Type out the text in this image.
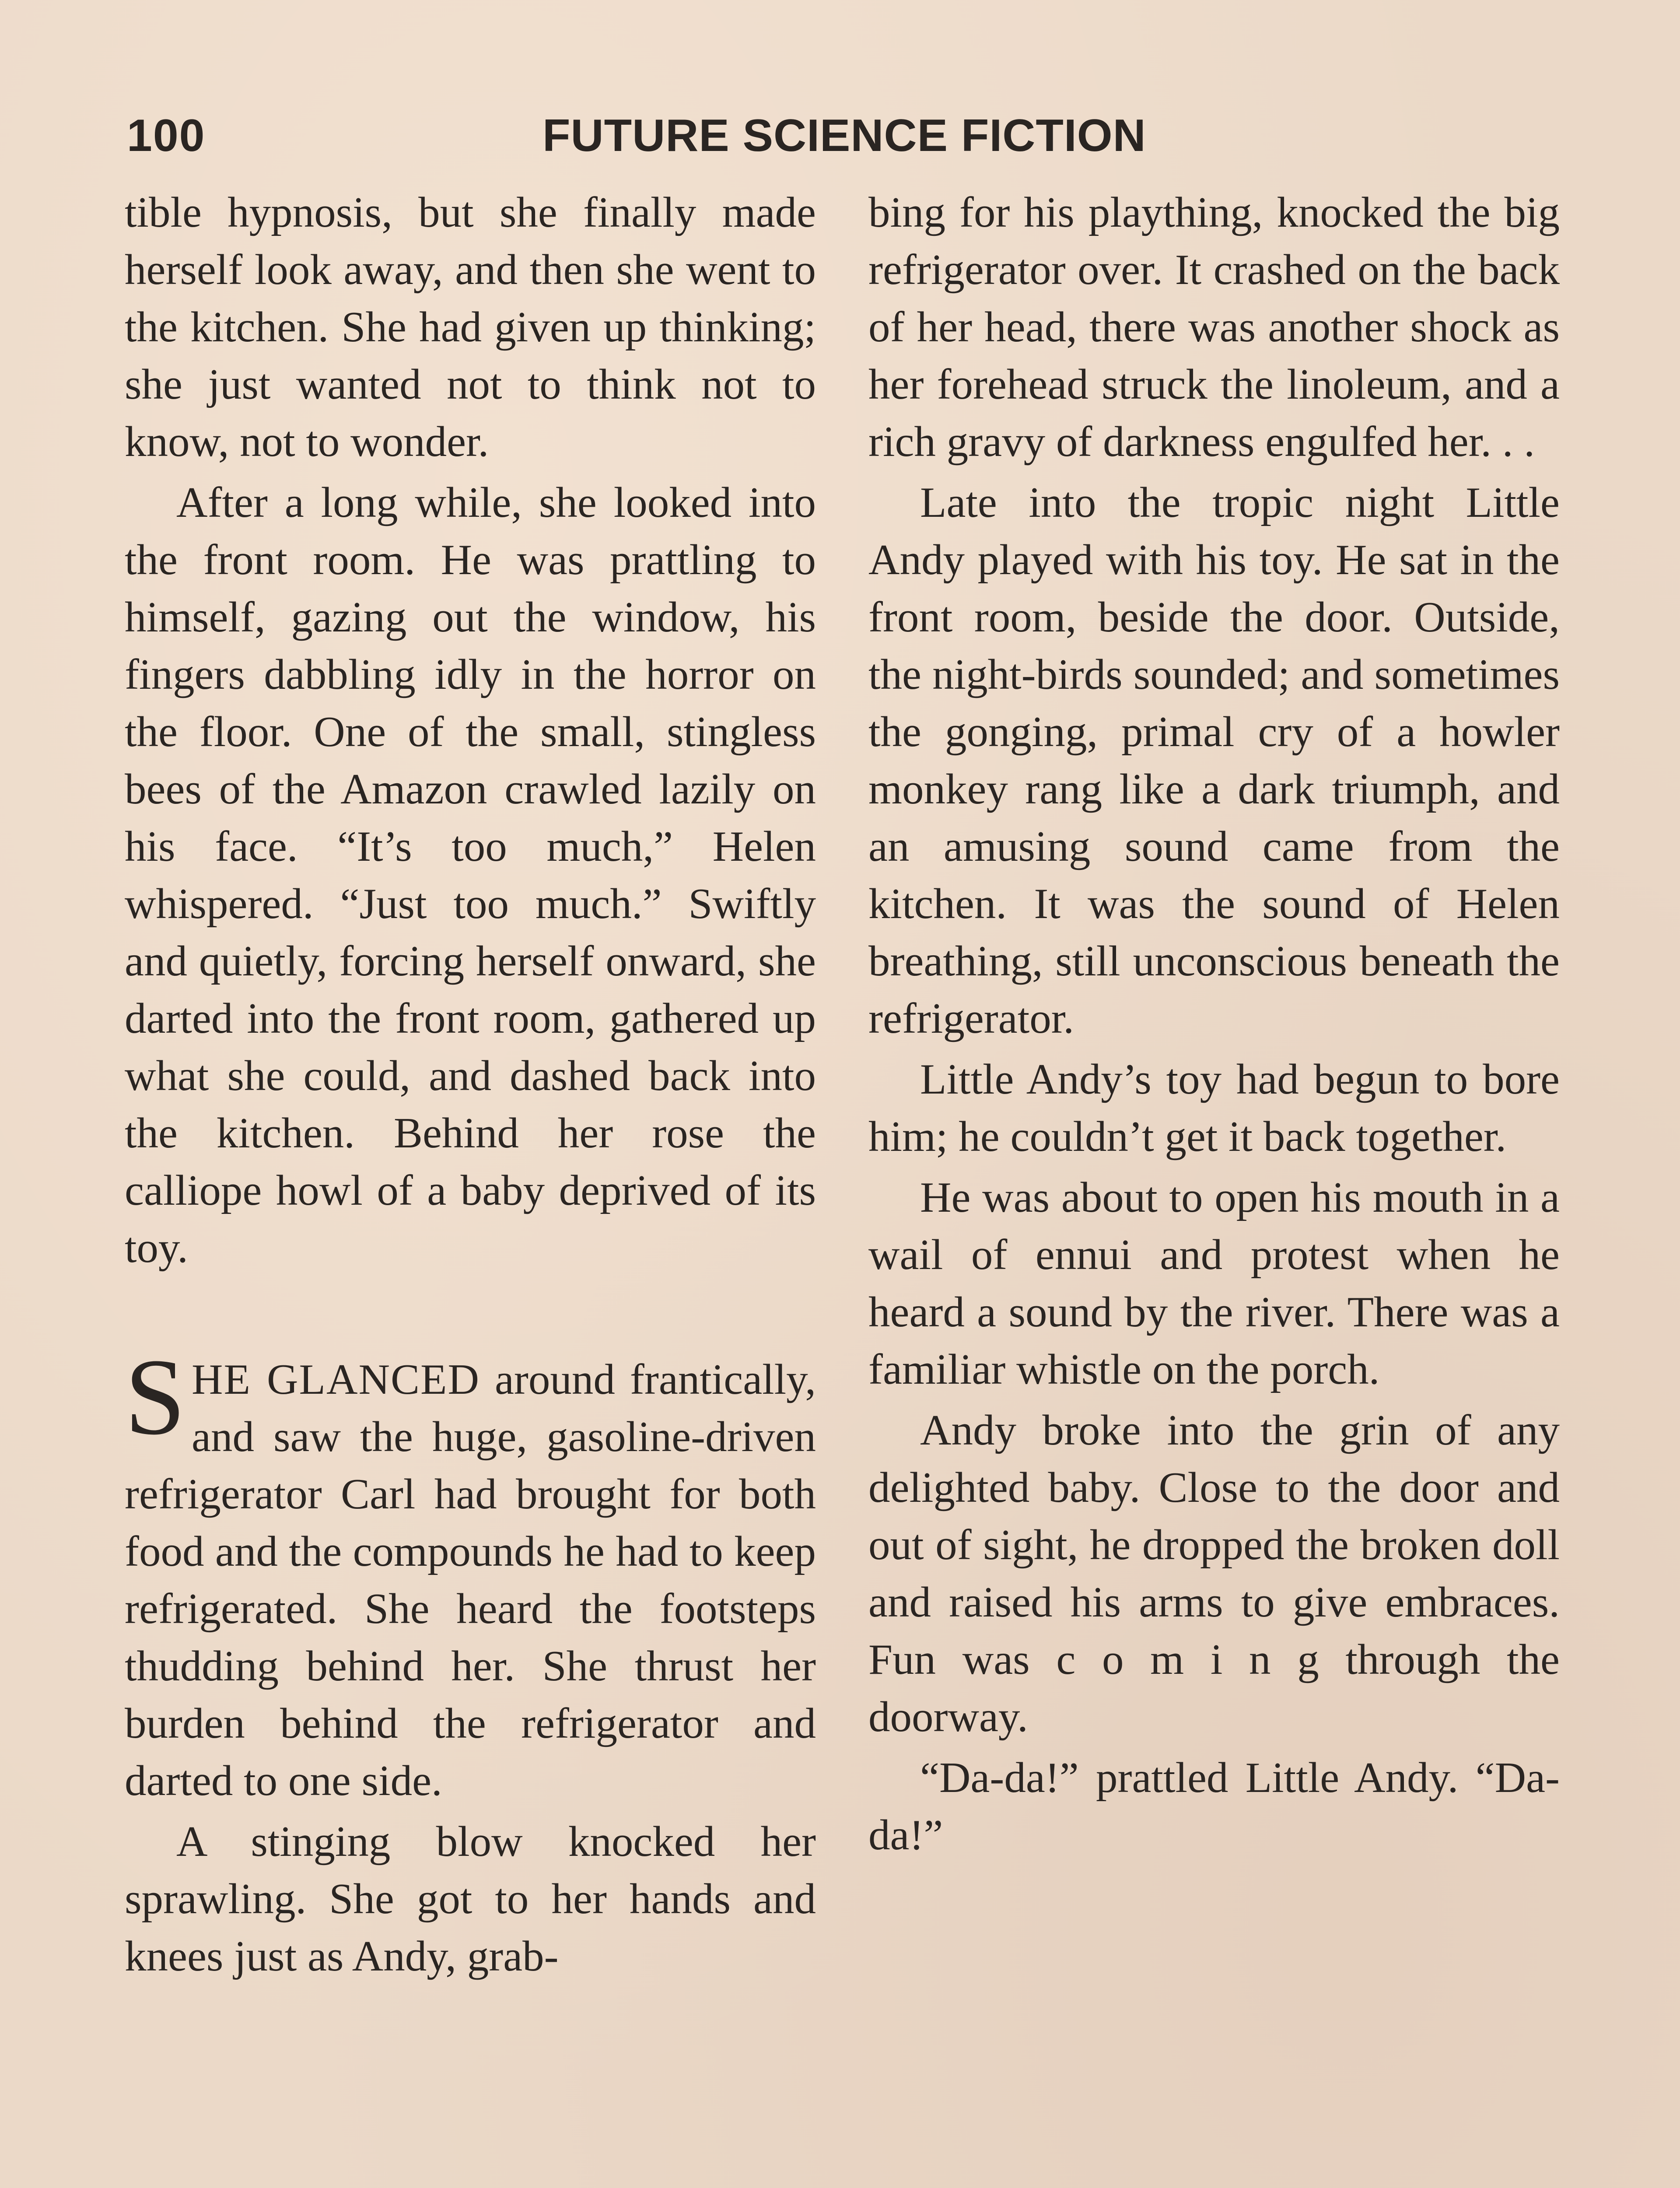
100	FUTURE SCIENCE FICTION

tible hypnosis, but she finally made herself look away, and then she went to the kitchen. She had given up thinking; she just wanted not to think not to know, not to wonder.

After a long while, she looked into the front room. He was prattling to himself, gazing out the window, his fingers dabbling idly in the horror on the floor. One of the small, stingless bees of the Amazon crawled lazily on his face. “It’s too much,” Helen whispered. “Just too much.” Swiftly and quietly, forcing herself onward, she darted into the front room, gathered up what she could, and dashed back into the kitchen. Behind her rose the calliope howl of a baby deprived of its toy.

SHE GLANCED around frantically, and saw the huge, gasoline-driven refrigerator Carl had brought for both food and the compounds he had to keep refrigerated. She heard the footsteps thudding behind her. She thrust her burden behind the refrigerator and darted to one side.

A stinging blow knocked her sprawling. She got to her hands and knees just as Andy, grab-

bing for his plaything, knocked the big refrigerator over. It crashed on the back of her head, there was another shock as her forehead struck the linoleum, and a rich gravy of darkness engulfed her. . .

Late into the tropic night Little Andy played with his toy. He sat in the front room, beside the door. Outside, the night-birds sounded; and sometimes the gonging, primal cry of a howler monkey rang like a dark triumph, and an amusing sound came from the kitchen. It was the sound of Helen breathing, still unconscious beneath the refrigerator.

Little Andy’s toy had begun to bore him; he couldn’t get it back together.

He was about to open his mouth in a wail of ennui and protest when he heard a sound by the river. There was a familiar whistle on the porch.

Andy broke into the grin of any delighted baby. Close to the door and out of sight, he dropped the broken doll and raised his arms to give embraces. Fun was c o m i n g through the doorway.

“Da-da!” prattled Little Andy. “Da-da!”
